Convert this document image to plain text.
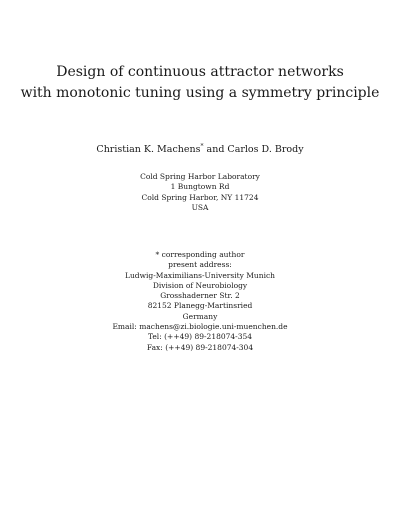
Design of continuous attractor networks
with monotonic tuning using a symmetry principle
Christian K. Machens* and Carlos D. Brody
Cold Spring Harbor Laboratory
1 Bungtown Rd
Cold Spring Harbor, NY 11724
USA
* corresponding author
present address:
Ludwig-Maximilians-University Munich
Division of Neurobiology
Grosshaderner Str. 2
82152 Planegg-Martinsried
Germany
Email: machens@zi.biologie.uni-muenchen.de
Tel: (++49) 89-218074-354
Fax: (++49) 89-218074-304
